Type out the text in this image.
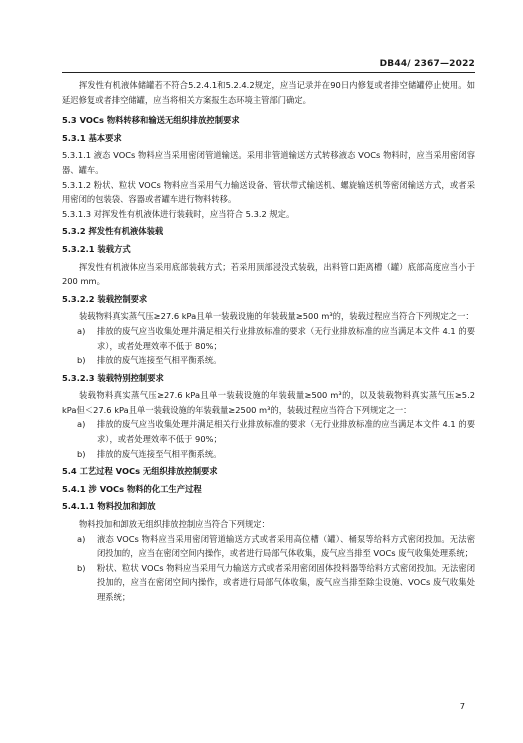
DB44/ 2367—2022

挥发性有机液体储罐若不符合5.2.4.1和5.2.4.2规定，应当记录并在90日内修复或者排空储罐停止使用。如延迟修复或者排空储罐，应当将相关方案报生态环境主管部门确定。

5.3 VOCs 物料转移和输送无组织排放控制要求

5.3.1 基本要求

5.3.1.1 液态 VOCs 物料应当采用密闭管道输送。采用非管道输送方式转移液态 VOCs 物料时，应当采用密闭容器、罐车。

5.3.1.2 粉状、粒状 VOCs 物料应当采用气力输送设备、管状带式输送机、螺旋输送机等密闭输送方式，或者采用密闭的包装袋、容器或者罐车进行物料转移。

5.3.1.3 对挥发性有机液体进行装载时，应当符合 5.3.2 规定。

5.3.2 挥发性有机液体装载

5.3.2.1 装载方式

挥发性有机液体应当采用底部装载方式；若采用顶部浸没式装载，出料管口距离槽（罐）底部高度应当小于200 mm。

5.3.2.2 装载控制要求

装载物料真实蒸气压≥27.6 kPa且单一装载设施的年装载量≥500 m³的，装载过程应当符合下列规定之一：

a)	排放的废气应当收集处理并满足相关行业排放标准的要求（无行业排放标准的应当满足本文件 4.1 的要求），或者处理效率不低于 80%；
b)	排放的废气连接至气相平衡系统。

5.3.2.3 装载特别控制要求

装载物料真实蒸气压≥27.6 kPa且单一装载设施的年装载量≥500 m³的，以及装载物料真实蒸气压≥5.2 kPa但＜27.6 kPa且单一装载设施的年装载量≥2500 m³的，装载过程应当符合下列规定之一：

a)	排放的废气应当收集处理并满足相关行业排放标准的要求（无行业排放标准的应当满足本文件 4.1 的要求），或者处理效率不低于 90%；
b)	排放的废气连接至气相平衡系统。

5.4 工艺过程 VOCs 无组织排放控制要求

5.4.1 涉 VOCs 物料的化工生产过程

5.4.1.1 物料投加和卸放

物料投加和卸放无组织排放控制应当符合下列规定：

a)	液态 VOCs 物料应当采用密闭管道输送方式或者采用高位槽（罐）、桶泵等给料方式密闭投加。无法密闭投加的，应当在密闭空间内操作，或者进行局部气体收集，废气应当排至 VOCs 废气收集处理系统；
b)	粉状、粒状 VOCs 物料应当采用气力输送方式或者采用密闭固体投料器等给料方式密闭投加。无法密闭投加的，应当在密闭空间内操作，或者进行局部气体收集，废气应当排至除尘设施、VOCs 废气收集处理系统；
7
